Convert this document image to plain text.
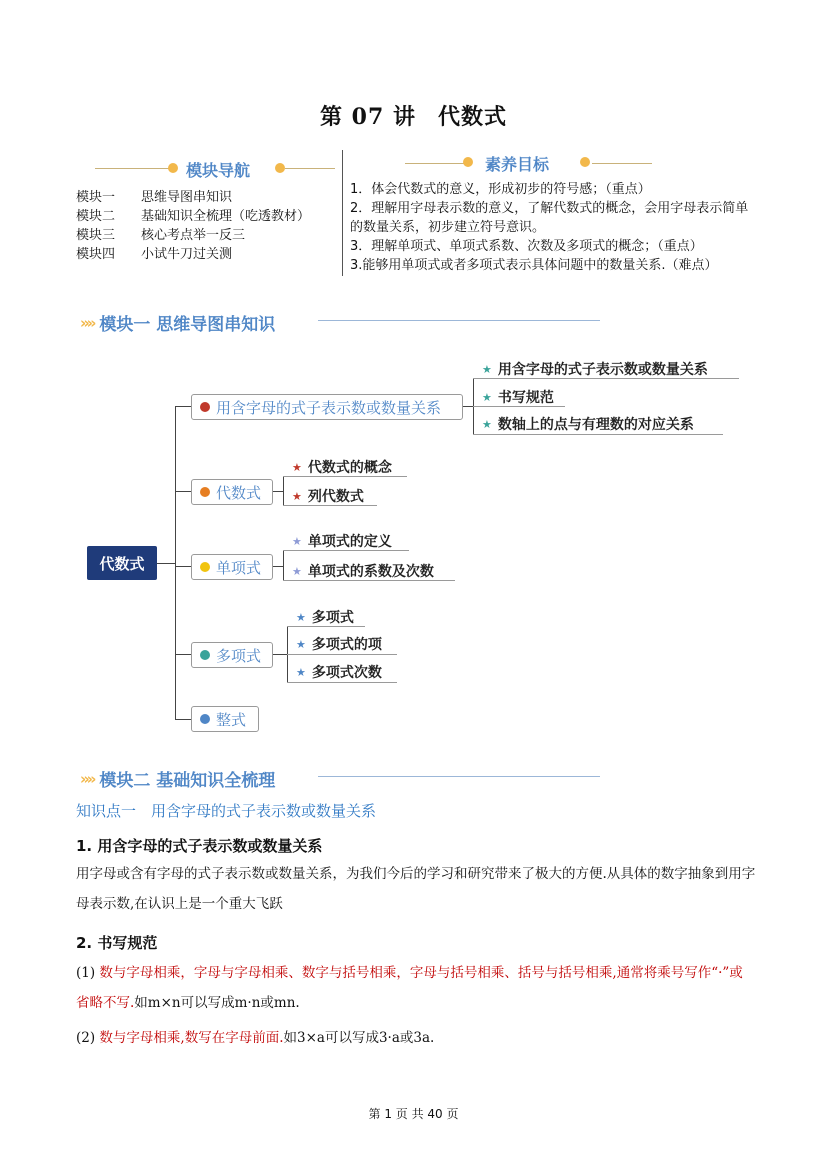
第 07 讲 代数式
模块导航	素养目标
模块一	思维导图串知识
模块二	基础知识全梳理（吃透教材）
模块三	核心考点举一反三
模块四	小试牛刀过关测
1．体会代数式的意义，形成初步的符号感；（重点）
2．理解用字母表示数的意义，了解代数式的概念，会用字母表示简单的数量关系，初步建立符号意识。
3．理解单项式、单项式系数、次数及多项式的概念；（重点）
3.能够用单项式或者多项式表示具体问题中的数量关系.（难点）
»» 模块一 思维导图串知识
用含字母的式子表示数或数量关系
★ 用含字母的式子表示数或数量关系
★ 书写规范
★ 数轴上的点与有理数的对应关系
代数式
★ 代数式的概念
★ 列代数式
单项式
★ 单项式的定义
★ 单项式的系数及次数
多项式
★ 多项式
★ 多项式的项
★ 多项式次数
整式
代数式
»» 模块二 基础知识全梳理
知识点一　用含字母的式子表示数或数量关系
1. 用含字母的式子表示数或数量关系
用字母或含有字母的式子表示数或数量关系，为我们今后的学习和研究带来了极大的方便.从具体的数字抽象到用字母表示数,在认识上是一个重大飞跃
2. 书写规范
(1) 数与字母相乘，字母与字母相乘、数字与括号相乘，字母与括号相乘、括号与括号相乘,通常将乘号写作“·”或省略不写.如m×n可以写成m·n或mn.
(2) 数与字母相乘,数写在字母前面.如3×a可以写成3·a或3a.
第 1 页 共 40 页
